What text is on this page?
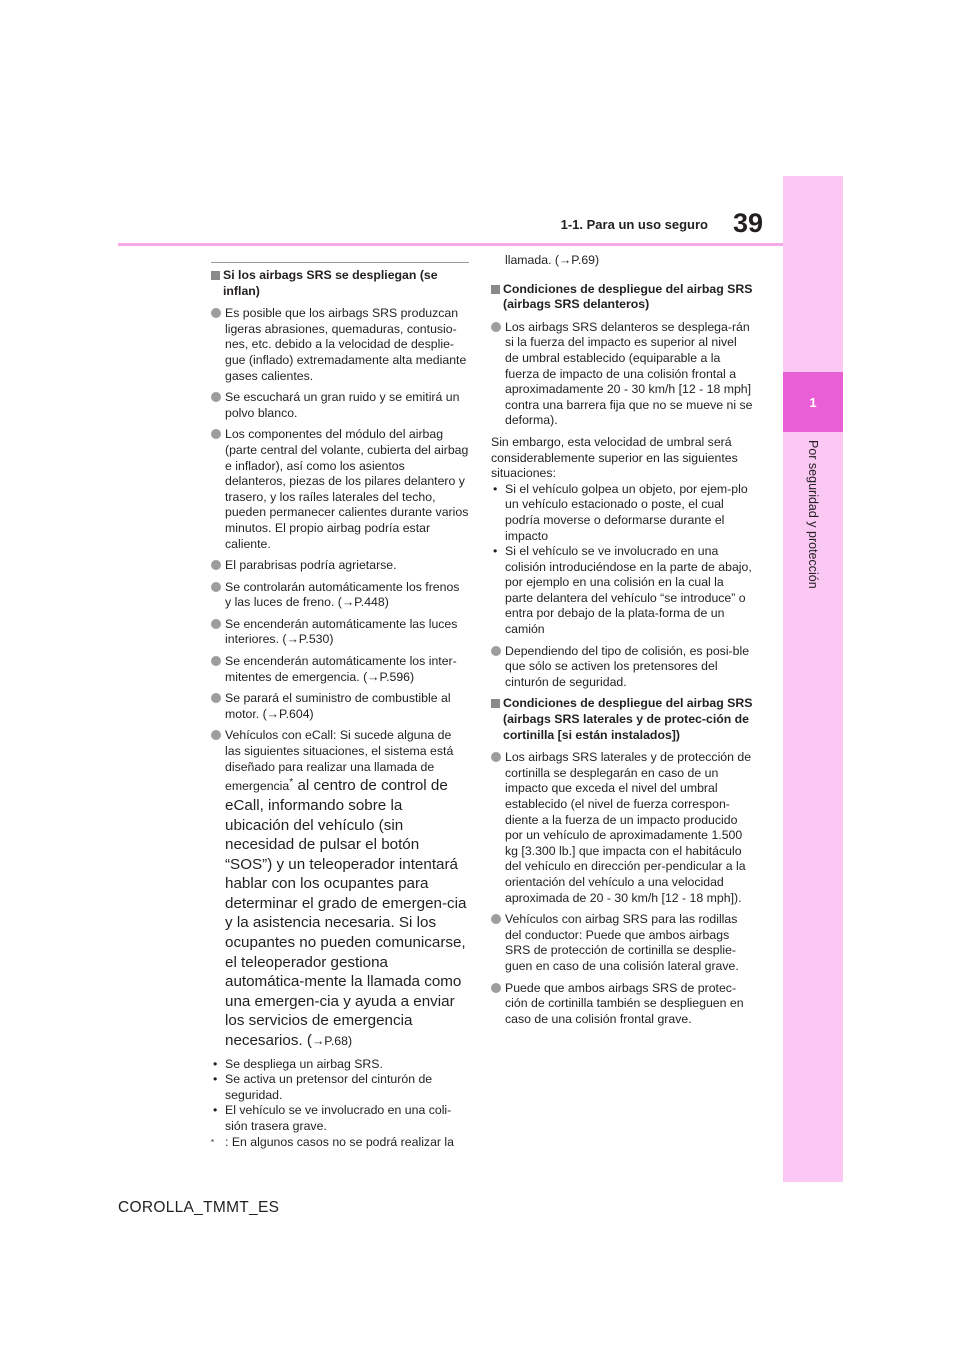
1
Por seguridad y protección
39
1-1. Para un uso seguro
Si los airbags SRS se despliegan (se inflan)
Es posible que los airbags SRS produzcan ligeras abrasiones, quemaduras, contusio-nes, etc. debido a la velocidad de desplie-gue (inflado) extremadamente alta mediante gases calientes.
Se escuchará un gran ruido y se emitirá un polvo blanco.
Los componentes del módulo del airbag (parte central del volante, cubierta del airbag e inflador), así como los asientos delanteros, piezas de los pilares delantero y trasero, y los raíles laterales del techo, pueden permanecer calientes durante varios minutos. El propio airbag podría estar caliente.
El parabrisas podría agrietarse.
Se controlarán automáticamente los frenos y las luces de freno. (→P.448)
Se encenderán automáticamente las luces interiores. (→P.530)
Se encenderán automáticamente los inter-mitentes de emergencia. (→P.596)
Se parará el suministro de combustible al motor. (→P.604)
Vehículos con eCall: Si sucede alguna de las siguientes situaciones, el sistema está diseñado para realizar una llamada de emergencia* al centro de control de eCall, informando sobre la ubicación del vehículo (sin necesidad de pulsar el botón “SOS”) y un teleoperador intentará hablar con los ocupantes para determinar el grado de emergen-cia y la asistencia necesaria. Si los ocupantes no pueden comunicarse, el teleoperador gestiona automática-mente la llamada como una emergen-cia y ayuda a enviar los servicios de emergencia necesarios. (→P.68)
• Se despliega un airbag SRS.
• Se activa un pretensor del cinturón de seguridad.
• El vehículo se ve involucrado en una coli-sión trasera grave.
* : En algunos casos no se podrá realizar la
llamada. (→P.69)
Condiciones de despliegue del airbag SRS (airbags SRS delanteros)
Los airbags SRS delanteros se desplega-rán si la fuerza del impacto es superior al nivel de umbral establecido (equiparable a la fuerza de impacto de una colisión frontal a aproximadamente 20 - 30 km/h [12 - 18 mph] contra una barrera fija que no se mueve ni se deforma).
Sin embargo, esta velocidad de umbral será considerablemente superior en las siguientes situaciones:
• Si el vehículo golpea un objeto, por ejem-plo un vehículo estacionado o poste, el cual podría moverse o deformarse durante el impacto
• Si el vehículo se ve involucrado en una colisión introduciéndose en la parte de abajo, por ejemplo en una colisión en la cual la parte delantera del vehículo “se introduce” o entra por debajo de la plata-forma de un camión
Dependiendo del tipo de colisión, es posi-ble que sólo se activen los pretensores del cinturón de seguridad.
Condiciones de despliegue del airbag SRS (airbags SRS laterales y de protec-ción de cortinilla [si están instalados])
Los airbags SRS laterales y de protección de cortinilla se desplegarán en caso de un impacto que exceda el nivel del umbral establecido (el nivel de fuerza correspon-diente a la fuerza de un impacto producido por un vehículo de aproximadamente 1.500 kg [3.300 lb.] que impacta con el habitáculo del vehículo en dirección per-pendicular a la orientación del vehículo a una velocidad aproximada de 20 - 30 km/h [12 - 18 mph]).
Vehículos con airbag SRS para las rodillas del conductor: Puede que ambos airbags SRS de protección de cortinilla se desplie-guen en caso de una colisión lateral grave.
Puede que ambos airbags SRS de protec-ción de cortinilla también se desplieguen en caso de una colisión frontal grave.
COROLLA_TMMT_ES
